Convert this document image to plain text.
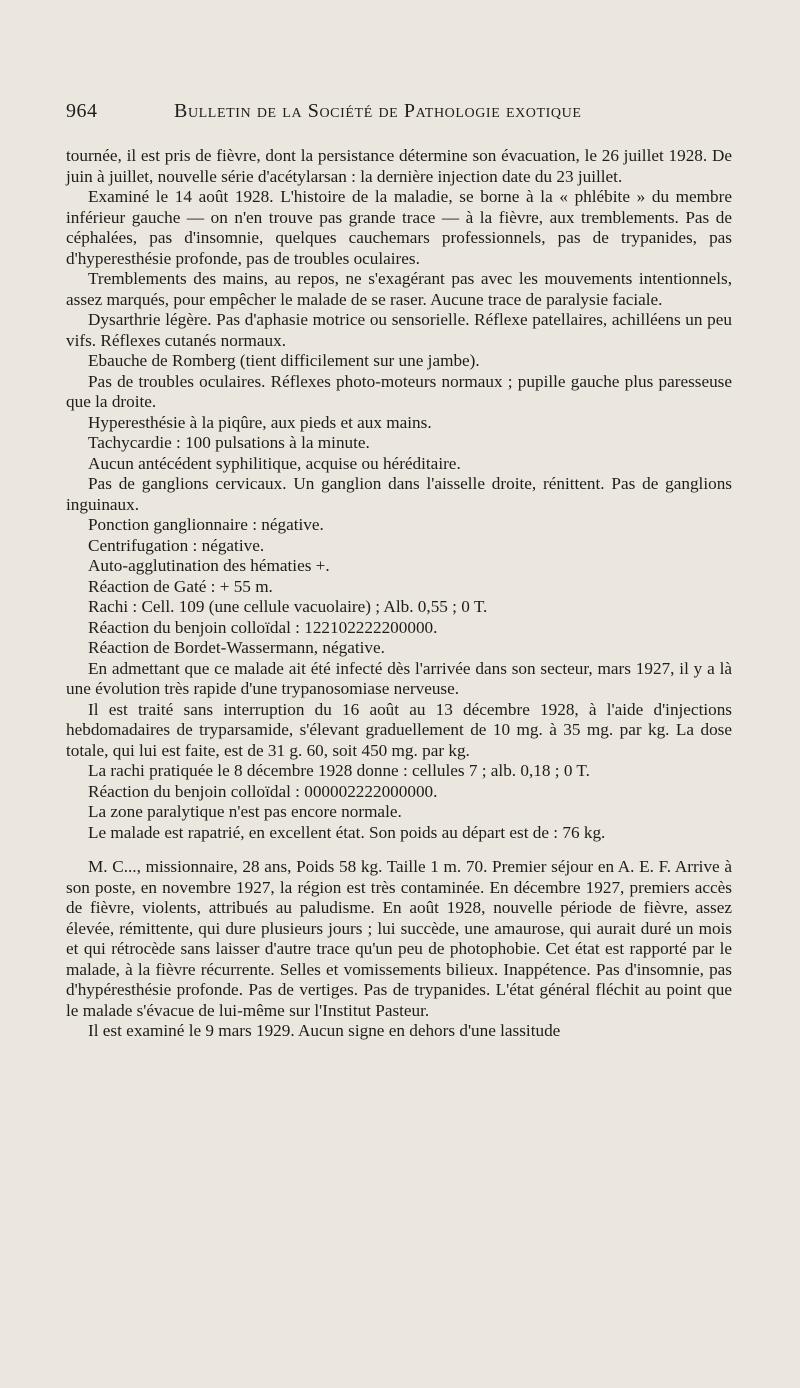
964	Bulletin de la Société de Pathologie exotique

tournée, il est pris de fièvre, dont la persistance détermine son évacuation, le 26 juillet 1928. De juin à juillet, nouvelle série d'acétylarsan : la dernière injection date du 23 juillet.

Examiné le 14 août 1928. L'histoire de la maladie, se borne à la « phlébite » du membre inférieur gauche — on n'en trouve pas grande trace — à la fièvre, aux tremblements. Pas de céphalées, pas d'insomnie, quelques cauchemars professionnels, pas de trypanides, pas d'hyperesthésie profonde, pas de troubles oculaires.

Tremblements des mains, au repos, ne s'exagérant pas avec les mouvements intentionnels, assez marqués, pour empêcher le malade de se raser. Aucune trace de paralysie faciale.

Dysarthrie légère. Pas d'aphasie motrice ou sensorielle. Réflexe patellaires, achilléens un peu vifs. Réflexes cutanés normaux.

Ebauche de Romberg (tient difficilement sur une jambe).

Pas de troubles oculaires. Réflexes photo-moteurs normaux ; pupille gauche plus paresseuse que la droite.

Hyperesthésie à la piqûre, aux pieds et aux mains.

Tachycardie : 100 pulsations à la minute.

Aucun antécédent syphilitique, acquise ou héréditaire.

Pas de ganglions cervicaux. Un ganglion dans l'aisselle droite, rénittent. Pas de ganglions inguinaux.

Ponction ganglionnaire : négative.

Centrifugation : négative.

Auto-agglutination des hématies +.

Réaction de Gaté : + 55 m.

Rachi : Cell. 109 (une cellule vacuolaire) ; Alb. 0,55 ; 0 T.

Réaction du benjoin colloïdal : 122102222200000.

Réaction de Bordet-Wassermann, négative.

En admettant que ce malade ait été infecté dès l'arrivée dans son secteur, mars 1927, il y a là une évolution très rapide d'une trypanosomiase nerveuse.

Il est traité sans interruption du 16 août au 13 décembre 1928, à l'aide d'injections hebdomadaires de tryparsamide, s'élevant graduellement de 10 mg. à 35 mg. par kg. La dose totale, qui lui est faite, est de 31 g. 60, soit 450 mg. par kg.

La rachi pratiquée le 8 décembre 1928 donne : cellules 7 ; alb. 0,18 ; 0 T.

Réaction du benjoin colloïdal : 000002222000000.

La zone paralytique n'est pas encore normale.

Le malade est rapatrié, en excellent état. Son poids au départ est de : 76 kg.

M. C..., missionnaire, 28 ans, Poids 58 kg. Taille 1 m. 70. Premier séjour en A. E. F. Arrive à son poste, en novembre 1927, la région est très contaminée. En décembre 1927, premiers accès de fièvre, violents, attribués au paludisme. En août 1928, nouvelle période de fièvre, assez élevée, rémittente, qui dure plusieurs jours ; lui succède, une amaurose, qui aurait duré un mois et qui rétrocède sans laisser d'autre trace qu'un peu de photophobie. Cet état est rapporté par le malade, à la fièvre récurrente. Selles et vomissements bilieux. Inappétence. Pas d'insomnie, pas d'hypéresthésie profonde. Pas de vertiges. Pas de trypanides. L'état général fléchit au point que le malade s'évacue de lui-même sur l'Institut Pasteur.

Il est examiné le 9 mars 1929. Aucun signe en dehors d'une lassitude
